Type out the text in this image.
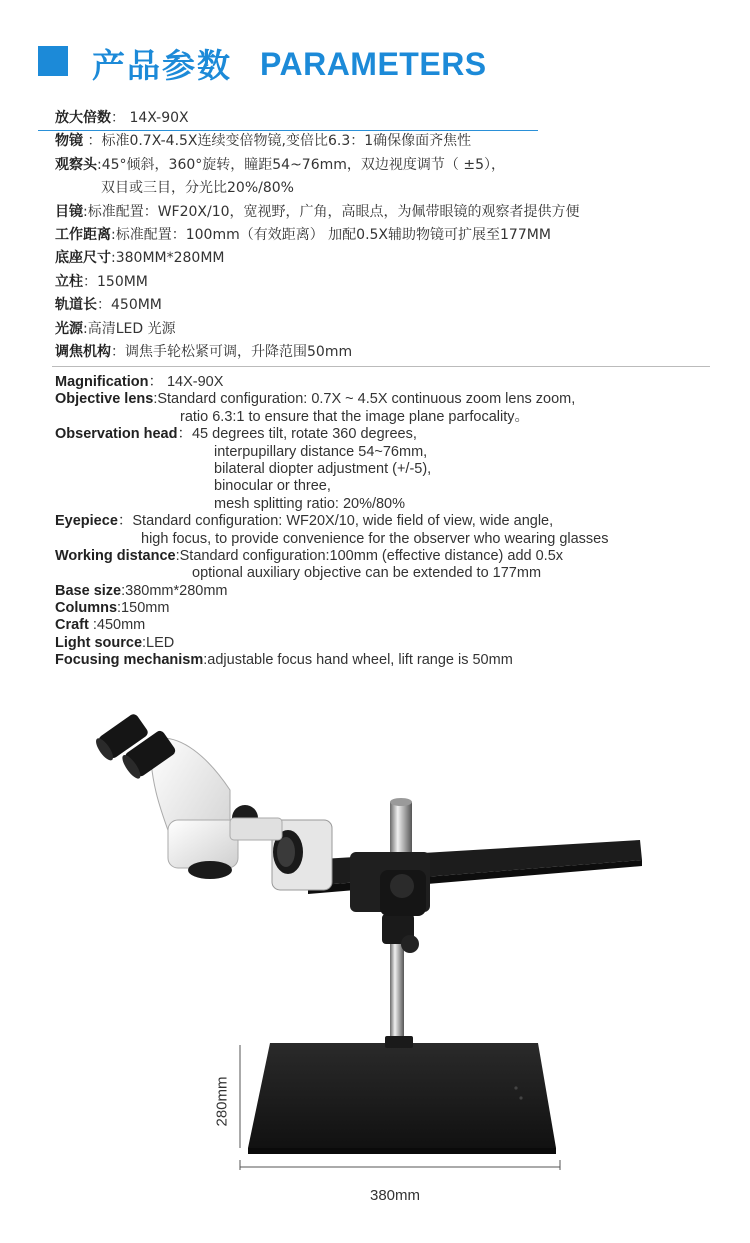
产品参数 PARAMETERS
放大倍数： 14X-90X
物镜 ：标准0.7X-4.5X连续变倍物镜,变倍比6.3：1确保像面齐焦性
观察头:45°倾斜，360°旋转，瞳距54~76mm，双边视度调节（ ±5），
双目或三目，分光比20%/80%
目镜:标准配置：WF20X/10，宽视野，广角，高眼点，为佩带眼镜的观察者提供方便
工作距离:标准配置：100mm（有效距离） 加配0.5X辅助物镜可扩展至177MM
底座尺寸:380MM*280MM
立柱：150MM
轨道长：450MM
光源:高清LED 光源
调焦机构：调焦手轮松紧可调，升降范围50mm
Magnification： 14X-90X
Objective lens:Standard configuration: 0.7X ~ 4.5X continuous zoom lens zoom,
ratio 6.3:1 to ensure that the image plane parfocality。
Observation head：45 degrees tilt, rotate 360 degrees,
interpupillary distance 54~76mm,
bilateral diopter adjustment (+/-5),
binocular or three,
mesh splitting ratio: 20%/80%
Eyepiece：Standard configuration: WF20X/10, wide field of view, wide angle,
high focus, to provide convenience for the observer who wearing glasses
Working distance:Standard configuration:100mm (effective distance) add 0.5x
optional auxiliary objective can be extended to 177mm
Base size:380mm*280mm
Columns:150mm
Craft :450mm
Light source:LED
Focusing mechanism:adjustable focus hand wheel, lift range is 50mm
280mm
380mm
